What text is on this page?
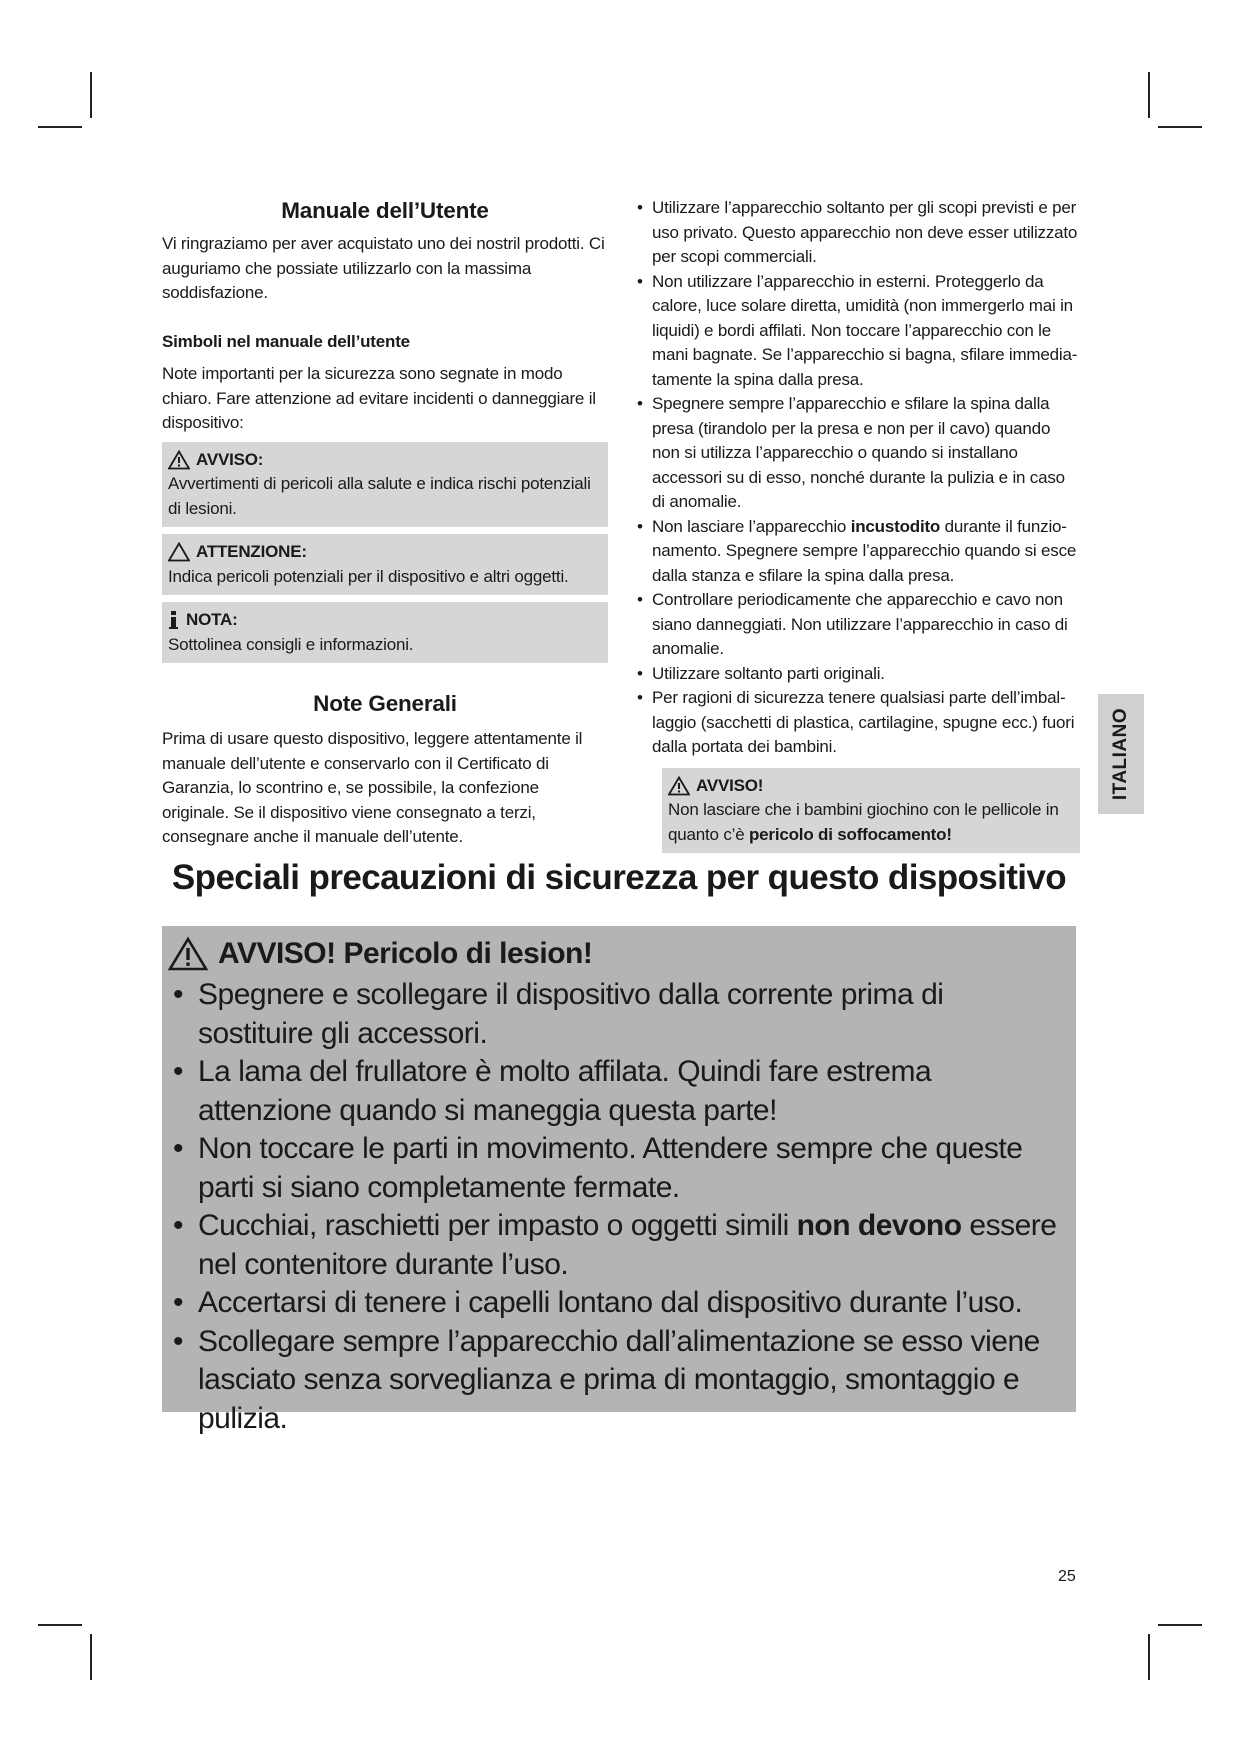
Manuale dell’Utente

Vi ringraziamo per aver acquistato uno dei nostril prodotti. Ci auguriamo che possiate utilizzarlo con la massima soddisfazione.

Simboli nel manuale dell’utente

Note importanti per la sicurezza sono segnate in modo chiaro. Fare attenzione ad evitare incidenti o danneggiare il dispositivo:

AVVISO:
Avvertimenti di pericoli alla salute e indica rischi potenziali di lesioni.
ATTENZIONE:
Indica pericoli potenziali per il dispositivo e altri oggetti.
NOTA:
Sottolinea consigli e informazioni.
Note Generali

Prima di usare questo dispositivo, leggere attentamente il manuale dell’utente e conservarlo con il Certificato di Garanzia, lo scontrino e, se possibile, la confezione originale. Se il dispositivo viene consegnato a terzi, consegnare anche il manuale dell’utente.

• Utilizzare l’apparecchio soltanto per gli scopi previsti e per uso privato. Questo apparecchio non deve esser utilizzato per scopi commerciali.
• Non utilizzare l’apparecchio in esterni. Proteggerlo da calore, luce solare diretta, umidità (non immergerlo mai in liquidi) e bordi affilati. Non toccare l’apparecchio con le mani bagnate. Se l’apparecchio si bagna, sfilare immediatamente la spina dalla presa.
• Spegnere sempre l’apparecchio e sfilare la spina dalla presa (tirandolo per la presa e non per il cavo) quando non si utilizza l’apparecchio o quando si installano accessori su di esso, nonché durante la pulizia e in caso di anomalie.
• Non lasciare l’apparecchio incustodito durante il funzionamento. Spegnere sempre l’apparecchio quando si esce dalla stanza e sfilare la spina dalla presa.
• Controllare periodicamente che apparecchio e cavo non siano danneggiati. Non utilizzare l’apparecchio in caso di anomalie.
• Utilizzare soltanto parti originali.
• Per ragioni di sicurezza tenere qualsiasi parte dell’imballaggio (sacchetti di plastica, cartilagine, spugne ecc.) fuori dalla portata dei bambini.
AVVISO!
Non lasciare che i bambini giochino con le pellicole in quanto c’è pericolo di soffocamento!
ITALIANO
Speciali precauzioni di sicurezza per questo dispositivo
AVVISO! Pericolo di lesion!
• Spegnere e scollegare il dispositivo dalla corrente prima di sostituire gli accessori.
• La lama del frullatore è molto affilata. Quindi fare estrema attenzione quando si maneggia questa parte!
• Non toccare le parti in movimento. Attendere sempre che queste parti si siano completamente fermate.
• Cucchiai, raschietti per impasto o oggetti simili non devono essere nel contenitore durante l’uso.
• Accertarsi di tenere i capelli lontano dal dispositivo durante l’uso.
• Scollegare sempre l’apparecchio dall’alimentazione se esso viene lasciato senza sorveglianza e prima di montaggio, smontaggio e pulizia.
25
